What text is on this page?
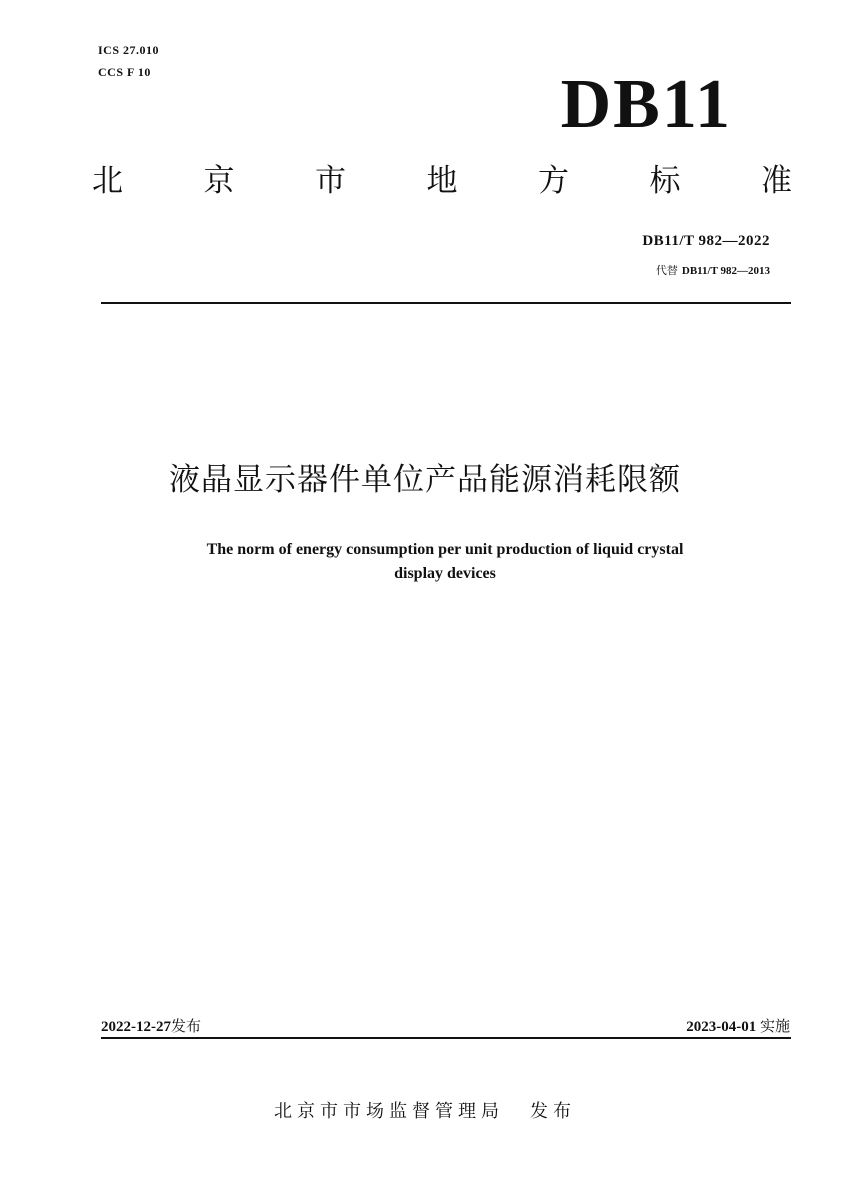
ICS 27.010
CCS F 10	DB11
北	京	市	地	方	标	准
DB11/T 982—2022
代替 DB11/T 982—2013
液晶显示器件单位产品能源消耗限额
The norm of energy consumption per unit production of liquid crystal
display devices
2022-12-27发布	2023-04-01 实施
北京市市场监督管理局 发布
